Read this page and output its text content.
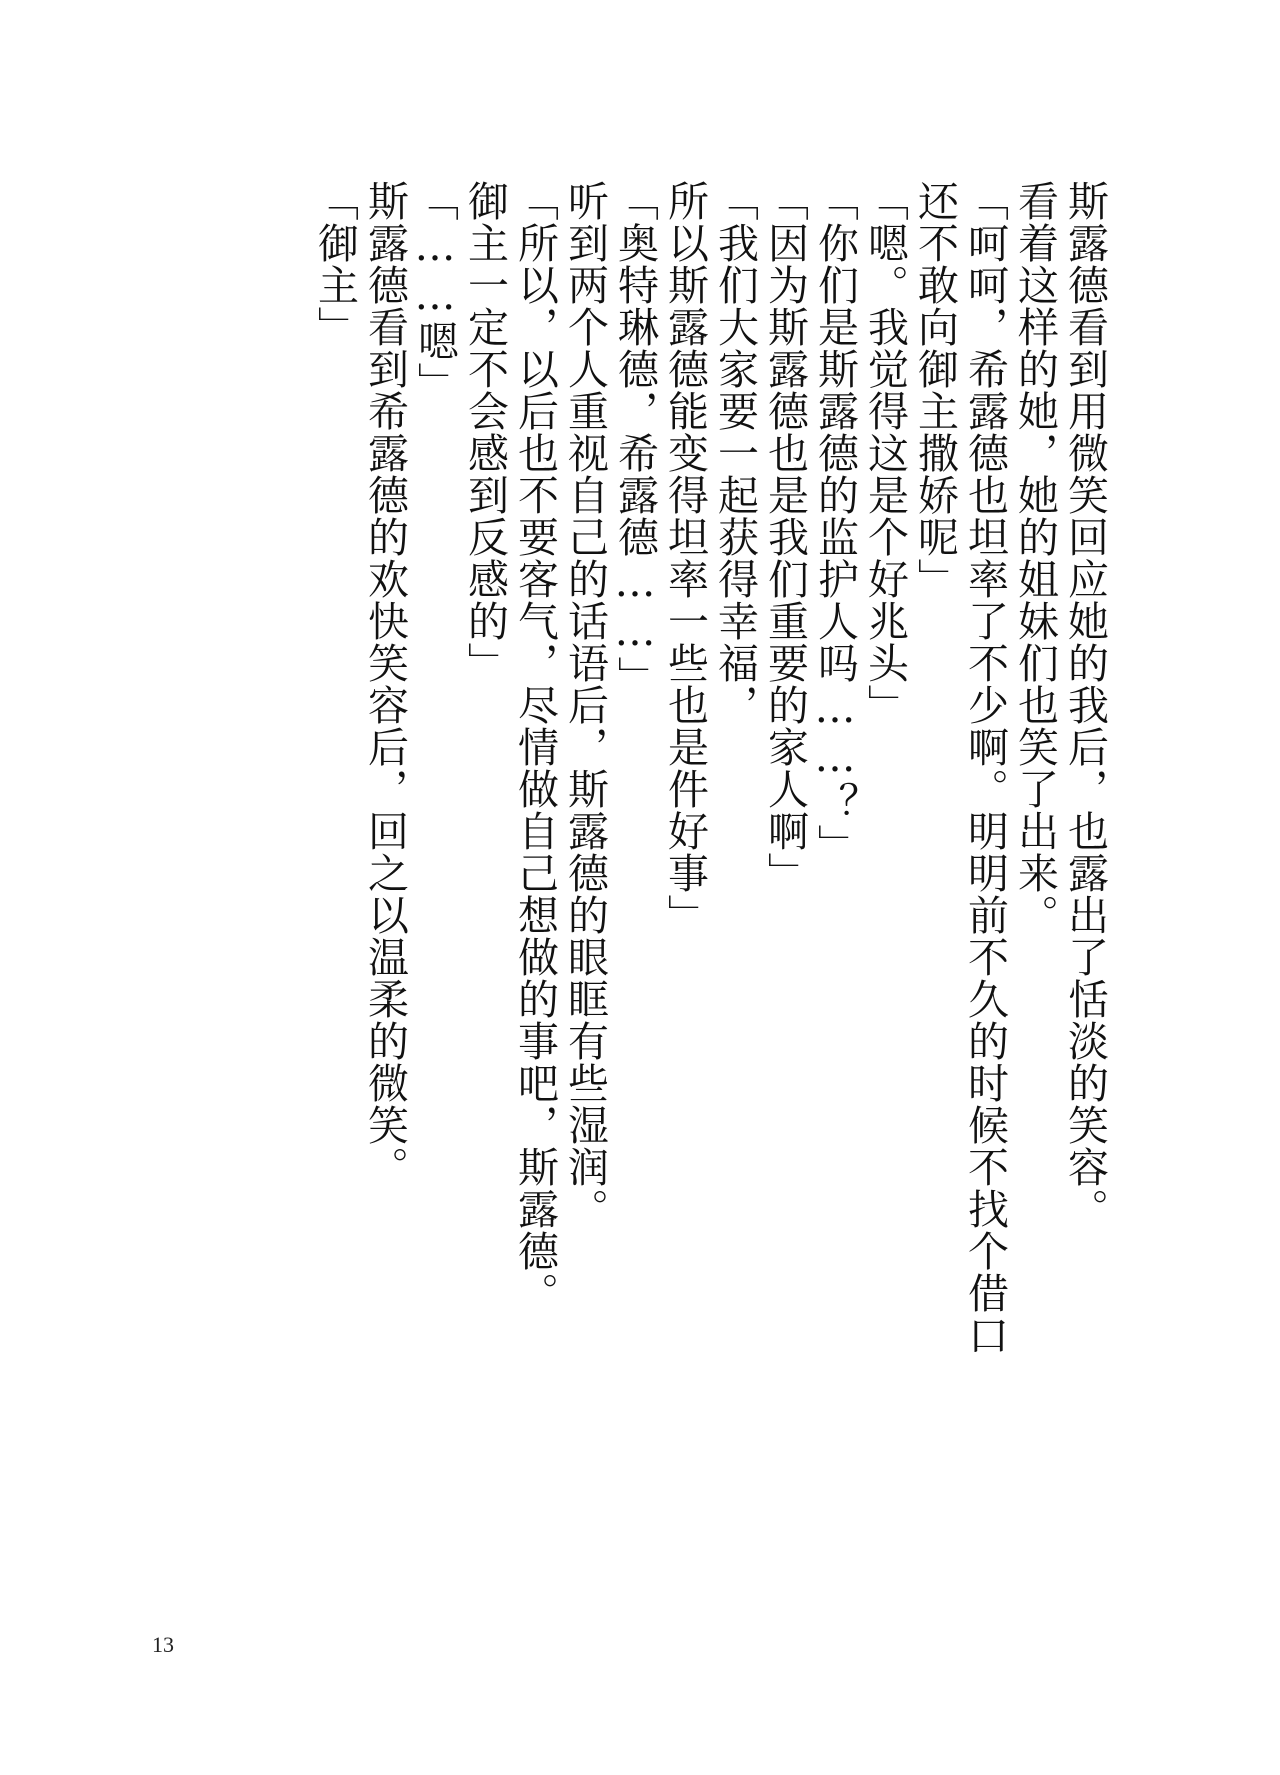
斯露德看到用微笑回应她的我后，也露出了恬淡的笑容。
看着这样的她，她的姐妹们也笑了出来。
「呵呵，希露德也坦率了不少啊。明明前不久的时候不找个借口
还不敢向御主撒娇呢」
「嗯。我觉得这是个好兆头」
「你们是斯露德的监护人吗……？」
「因为斯露德也是我们重要的家人啊」
「我们大家要一起获得幸福，
所以斯露德能变得坦率一些也是件好事」
「奥特琳德，希露德……」
听到两个人重视自己的话语后，斯露德的眼眶有些湿润。
「所以，以后也不要客气，尽情做自己想做的事吧，斯露德。
御主一定不会感到反感的」
「……嗯」
斯露德看到希露德的欢快笑容后，回之以温柔的微笑。
「御主」
13
